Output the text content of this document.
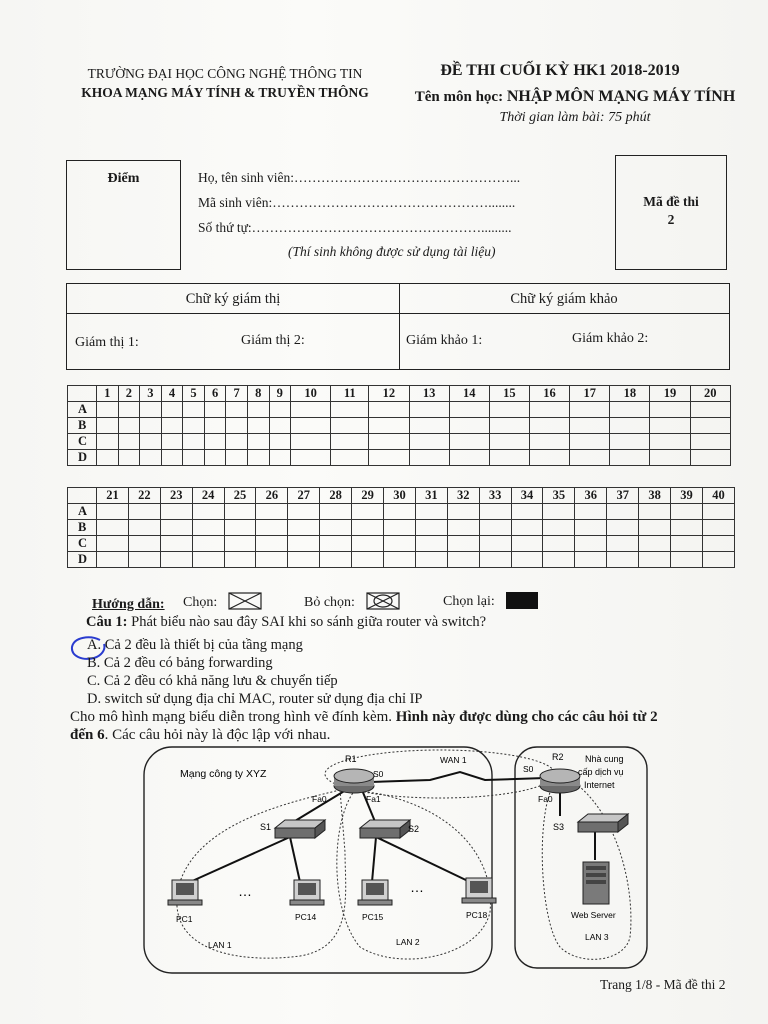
TRƯỜNG ĐẠI HỌC CÔNG NGHỆ THÔNG TIN
KHOA MẠNG MÁY TÍNH & TRUYỀN THÔNG
ĐỀ THI CUỐI KỲ HK1 2018-2019
Tên môn học: NHẬP MÔN MẠNG MÁY TÍNH
Thời gian làm bài: 75 phút
Điểm	Họ, tên sinh viên:…………………………………………...
Mã sinh viên:…………………………………………........
Số thứ tự:…………………………………………….........
(Thí sinh không được sử dụng tài liệu)
Mã đề thi
2
Chữ ký giám thị	Chữ ký giám khảo
Giám thị 1:	Giám thị 2:	Giám khảo 1:	Giám khảo 2:
	1	2	3	4	5	6	7	8	9	10	11	12	13	14	15	16	17	18	19	20
A																				
B																				
C																				
D																				
	21	22	23	24	25	26	27	28	29	30	31	32	33	34	35	36	37	38	39	40
A																				
B																				
C																				
D																				
Hướng dẫn: Chọn:	Bỏ chọn:	Chọn lại:
Câu 1: Phát biểu nào sau đây SAI khi so sánh giữa router và switch?
A. Cả 2 đều là thiết bị của tầng mạng
B. Cả 2 đều có bảng forwarding
C. Cả 2 đều có khả năng lưu & chuyển tiếp
D. switch sử dụng địa chỉ MAC, router sử dụng địa chỉ IP
Cho mô hình mạng biểu diễn trong hình vẽ đính kèm. Hình này được dùng cho các câu hỏi từ 2
đến 6. Các câu hỏi này là độc lập với nhau.
Mạng công ty XYZ
R1	R2
WAN 1
S0	S0
Fa0	Fa1	Fa0
S1	S2	S3
Nhà cung
cấp dịch vụ
Internet
PC1	PC14	PC15	PC18
…	…
Web Server
LAN 1	LAN 2	LAN 3
Trang 1/8 - Mã đề thi 2
